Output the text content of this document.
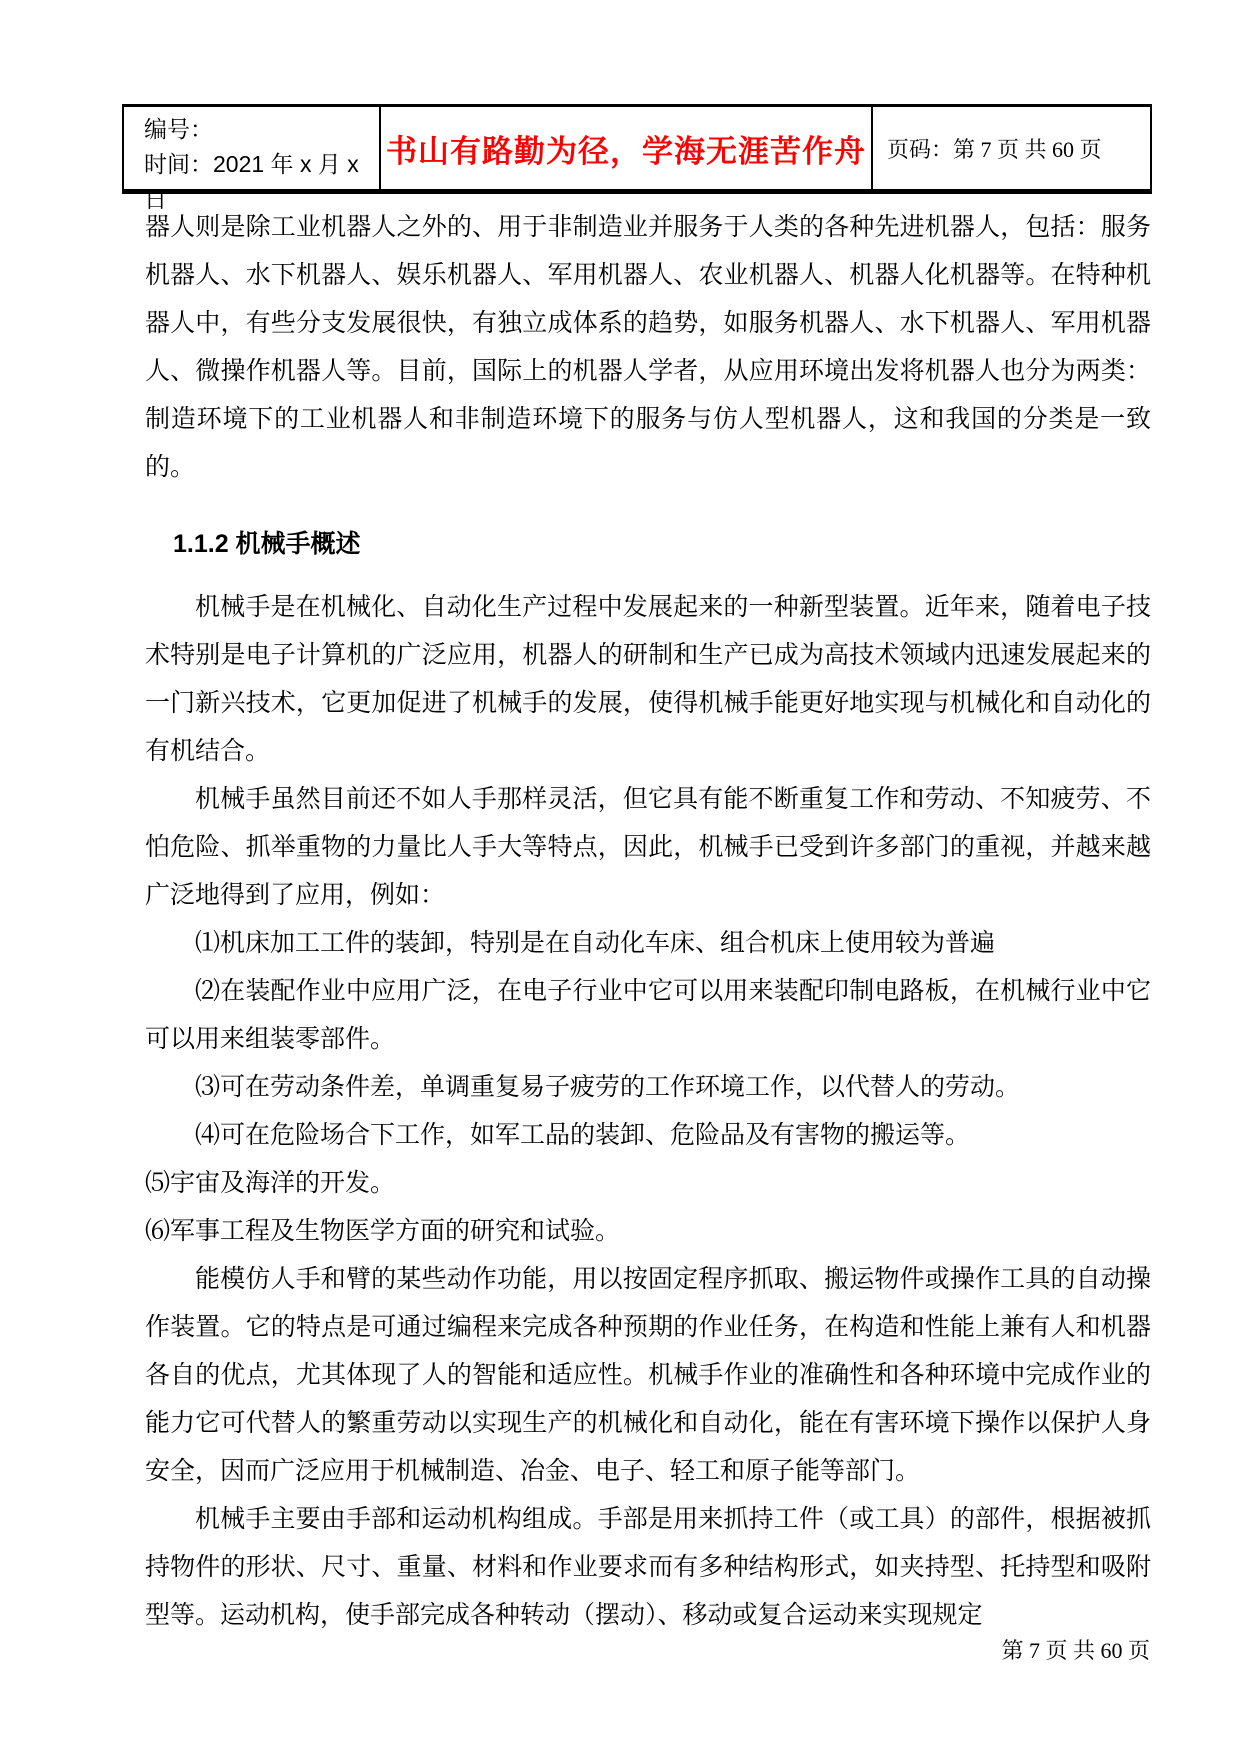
编号：
时间：2021 年 x 月 x 日
书山有路勤为径，学海无涯苦作舟 页码：第 7 页 共 60 页

器人则是除工业机器人之外的、用于非制造业并服务于人类的各种先进机器人，包括：服务机器人、水下机器人、娱乐机器人、军用机器人、农业机器人、机器人化机器等。在特种机器人中，有些分支发展很快，有独立成体系的趋势，如服务机器人、水下机器人、军用机器人、微操作机器人等。目前，国际上的机器人学者，从应用环境出发将机器人也分为两类：制造环境下的工业机器人和非制造环境下的服务与仿人型机器人，这和我国的分类是一致的。

1.1.2 机械手概述

机械手是在机械化、自动化生产过程中发展起来的一种新型装置。近年来，随着电子技术特别是电子计算机的广泛应用，机器人的研制和生产已成为高技术领域内迅速发展起来的一门新兴技术，它更加促进了机械手的发展，使得机械手能更好地实现与机械化和自动化的有机结合。

机械手虽然目前还不如人手那样灵活，但它具有能不断重复工作和劳动、不知疲劳、不怕危险、抓举重物的力量比人手大等特点，因此，机械手已受到许多部门的重视，并越来越广泛地得到了应用，例如：

⑴机床加工工件的装卸，特别是在自动化车床、组合机床上使用较为普遍

⑵在装配作业中应用广泛，在电子行业中它可以用来装配印制电路板，在机械行业中它可以用来组装零部件。

⑶可在劳动条件差，单调重复易子疲劳的工作环境工作，以代替人的劳动。

⑷可在危险场合下工作，如军工品的装卸、危险品及有害物的搬运等。

⑸宇宙及海洋的开发。

⑹军事工程及生物医学方面的研究和试验。

能模仿人手和臂的某些动作功能，用以按固定程序抓取、搬运物件或操作工具的自动操作装置。它的特点是可通过编程来完成各种预期的作业任务，在构造和性能上兼有人和机器各自的优点，尤其体现了人的智能和适应性。机械手作业的准确性和各种环境中完成作业的能力它可代替人的繁重劳动以实现生产的机械化和自动化，能在有害环境下操作以保护人身安全，因而广泛应用于机械制造、冶金、电子、轻工和原子能等部门。

机械手主要由手部和运动机构组成。手部是用来抓持工件（或工具）的部件，根据被抓持物件的形状、尺寸、重量、材料和作业要求而有多种结构形式，如夹持型、托持型和吸附型等。运动机构，使手部完成各种转动（摆动）、移动或复合运动来实现规定

第 7 页 共 60 页
